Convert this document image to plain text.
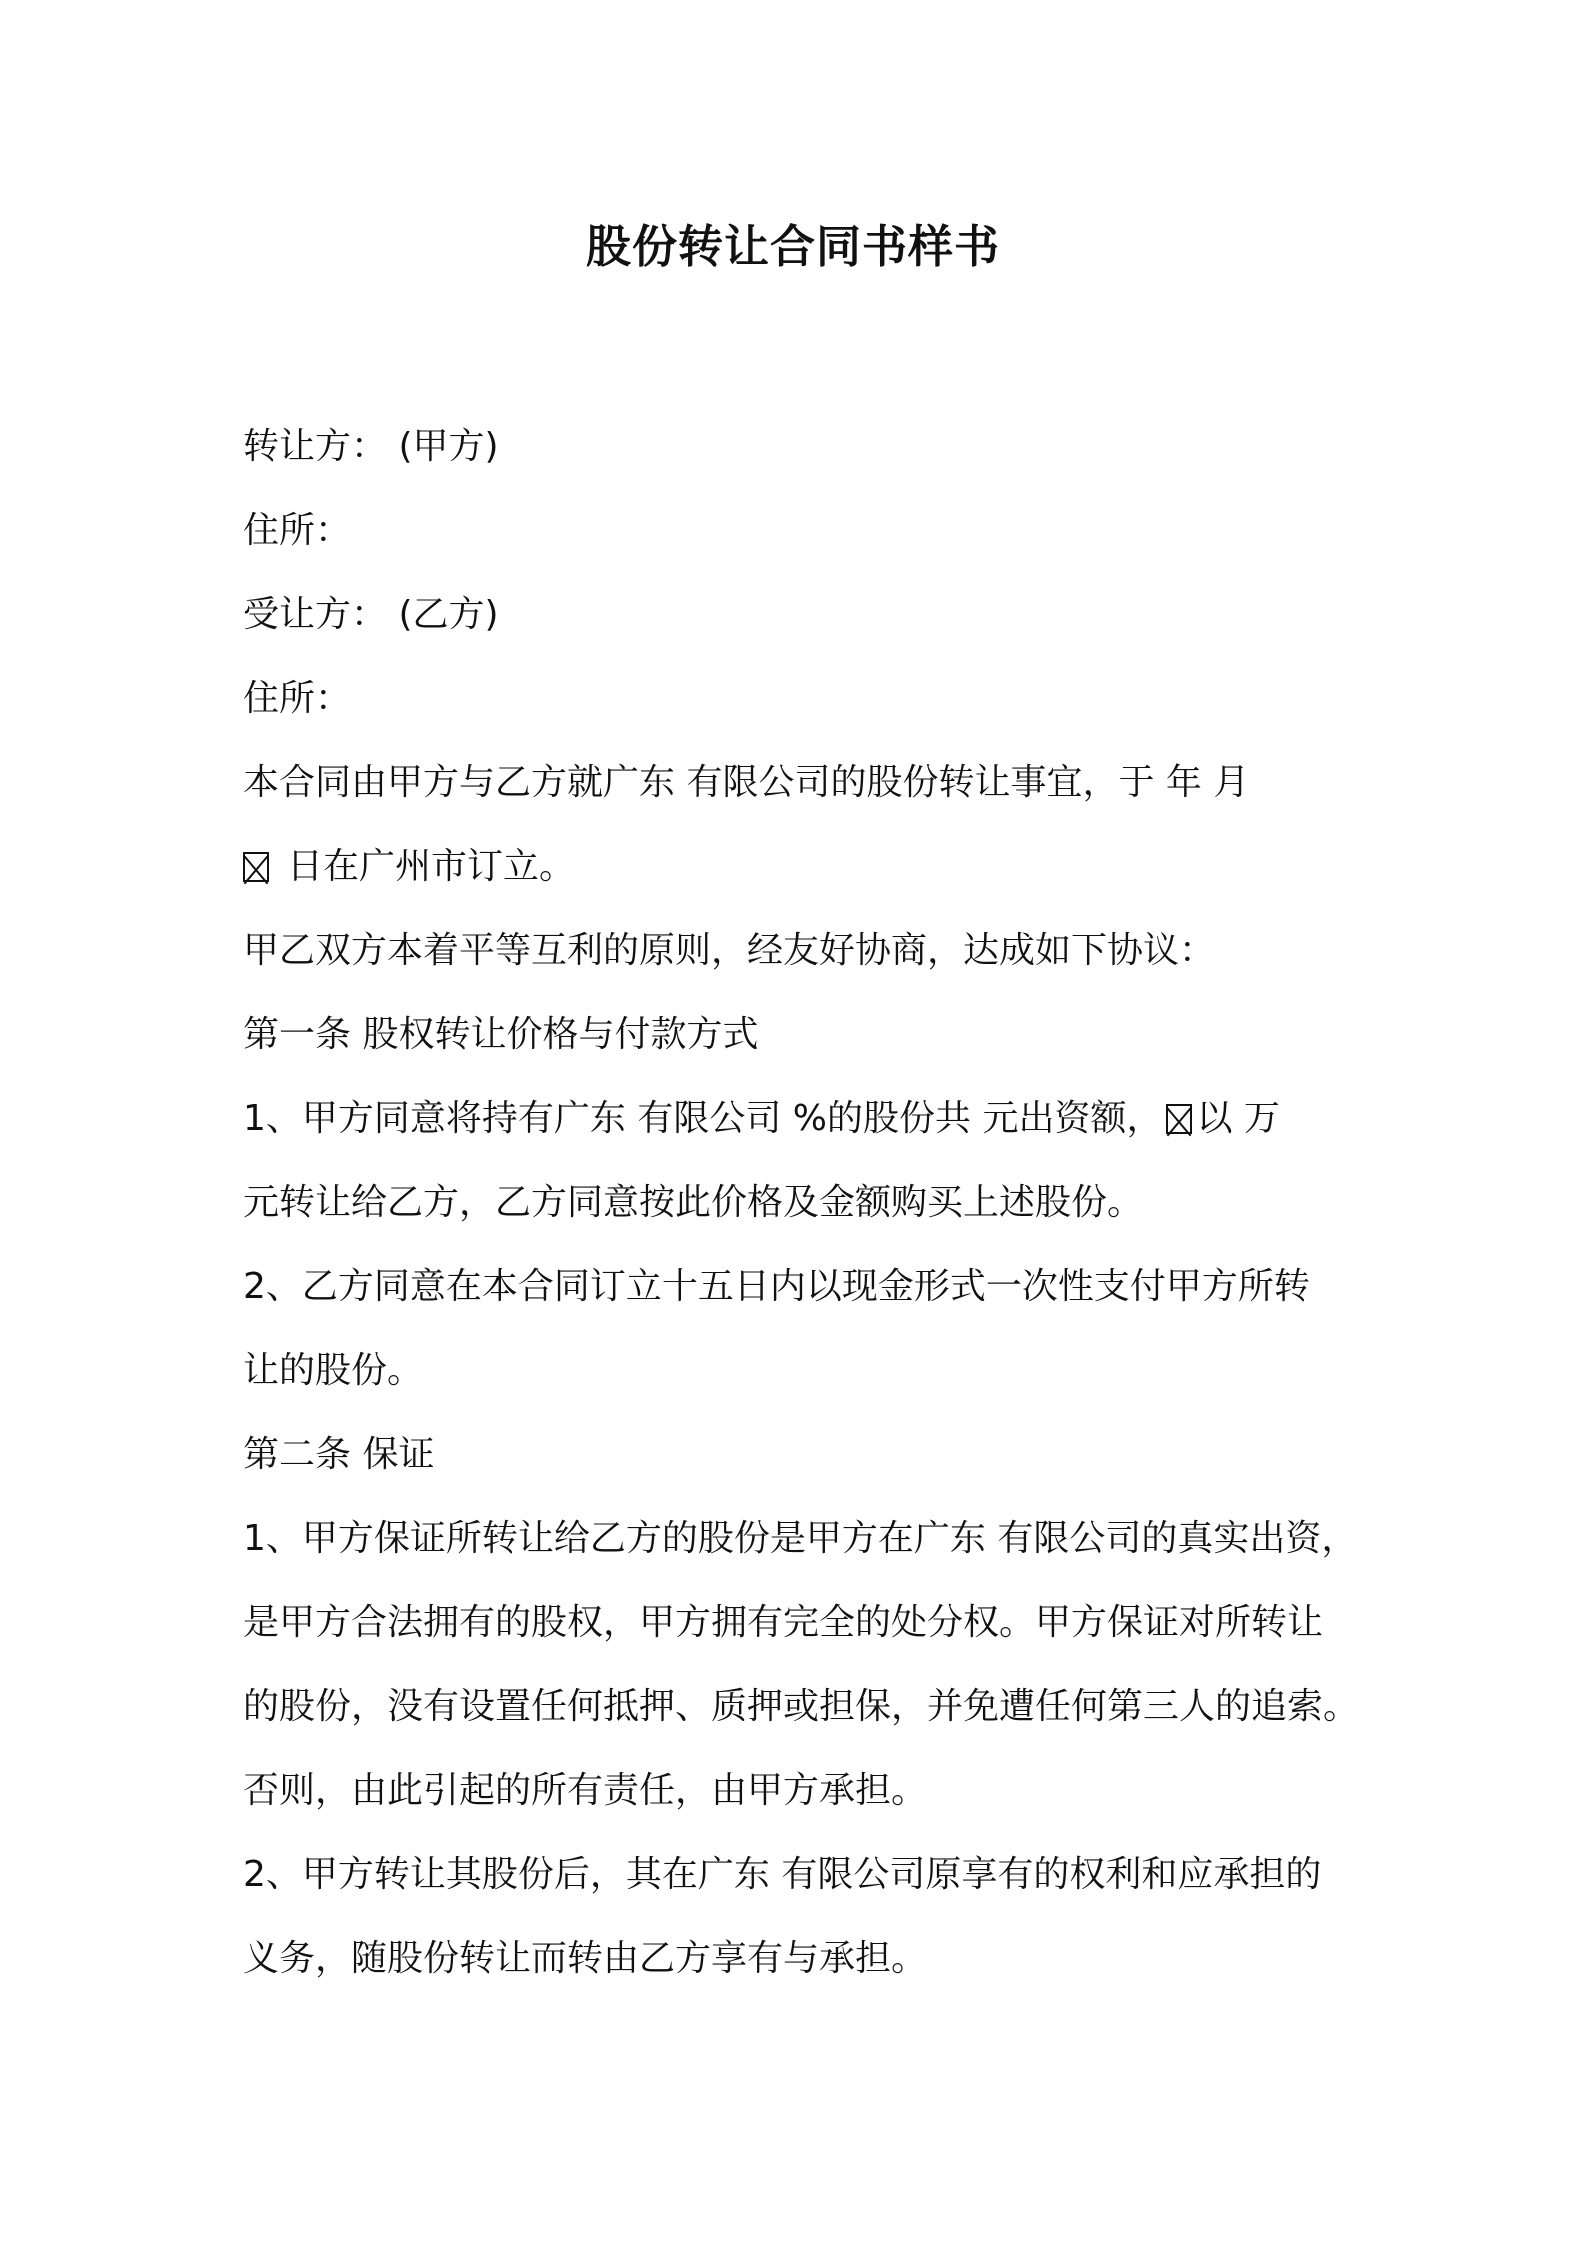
股份转让合同书样书
转让方： (甲方)
住所：
受让方： (乙方)
住所：
本合同由甲方与乙方就广东 有限公司的股份转让事宜，于 年 月
日在广州市订立。
甲乙双方本着平等互利的原则，经友好协商，达成如下协议：
第一条 股权转让价格与付款方式
1、甲方同意将持有广东 有限公司 %的股份共 元出资额， ☒ 以 万
元转让给乙方，乙方同意按此价格及金额购买上述股份。
2、乙方同意在本合同订立十五日内以现金形式一次性支付甲方所转
让的股份。
第二条 保证
1、甲方保证所转让给乙方的股份是甲方在广东 有限公司的真实出资，
是甲方合法拥有的股权，甲方拥有完全的处分权。甲方保证对所转让
的股份，没有设置任何抵押、质押或担保，并免遭任何第三人的追索。
否则，由此引起的所有责任，由甲方承担。
2、甲方转让其股份后，其在广东 有限公司原享有的权利和应承担的
义务，随股份转让而转由乙方享有与承担。
